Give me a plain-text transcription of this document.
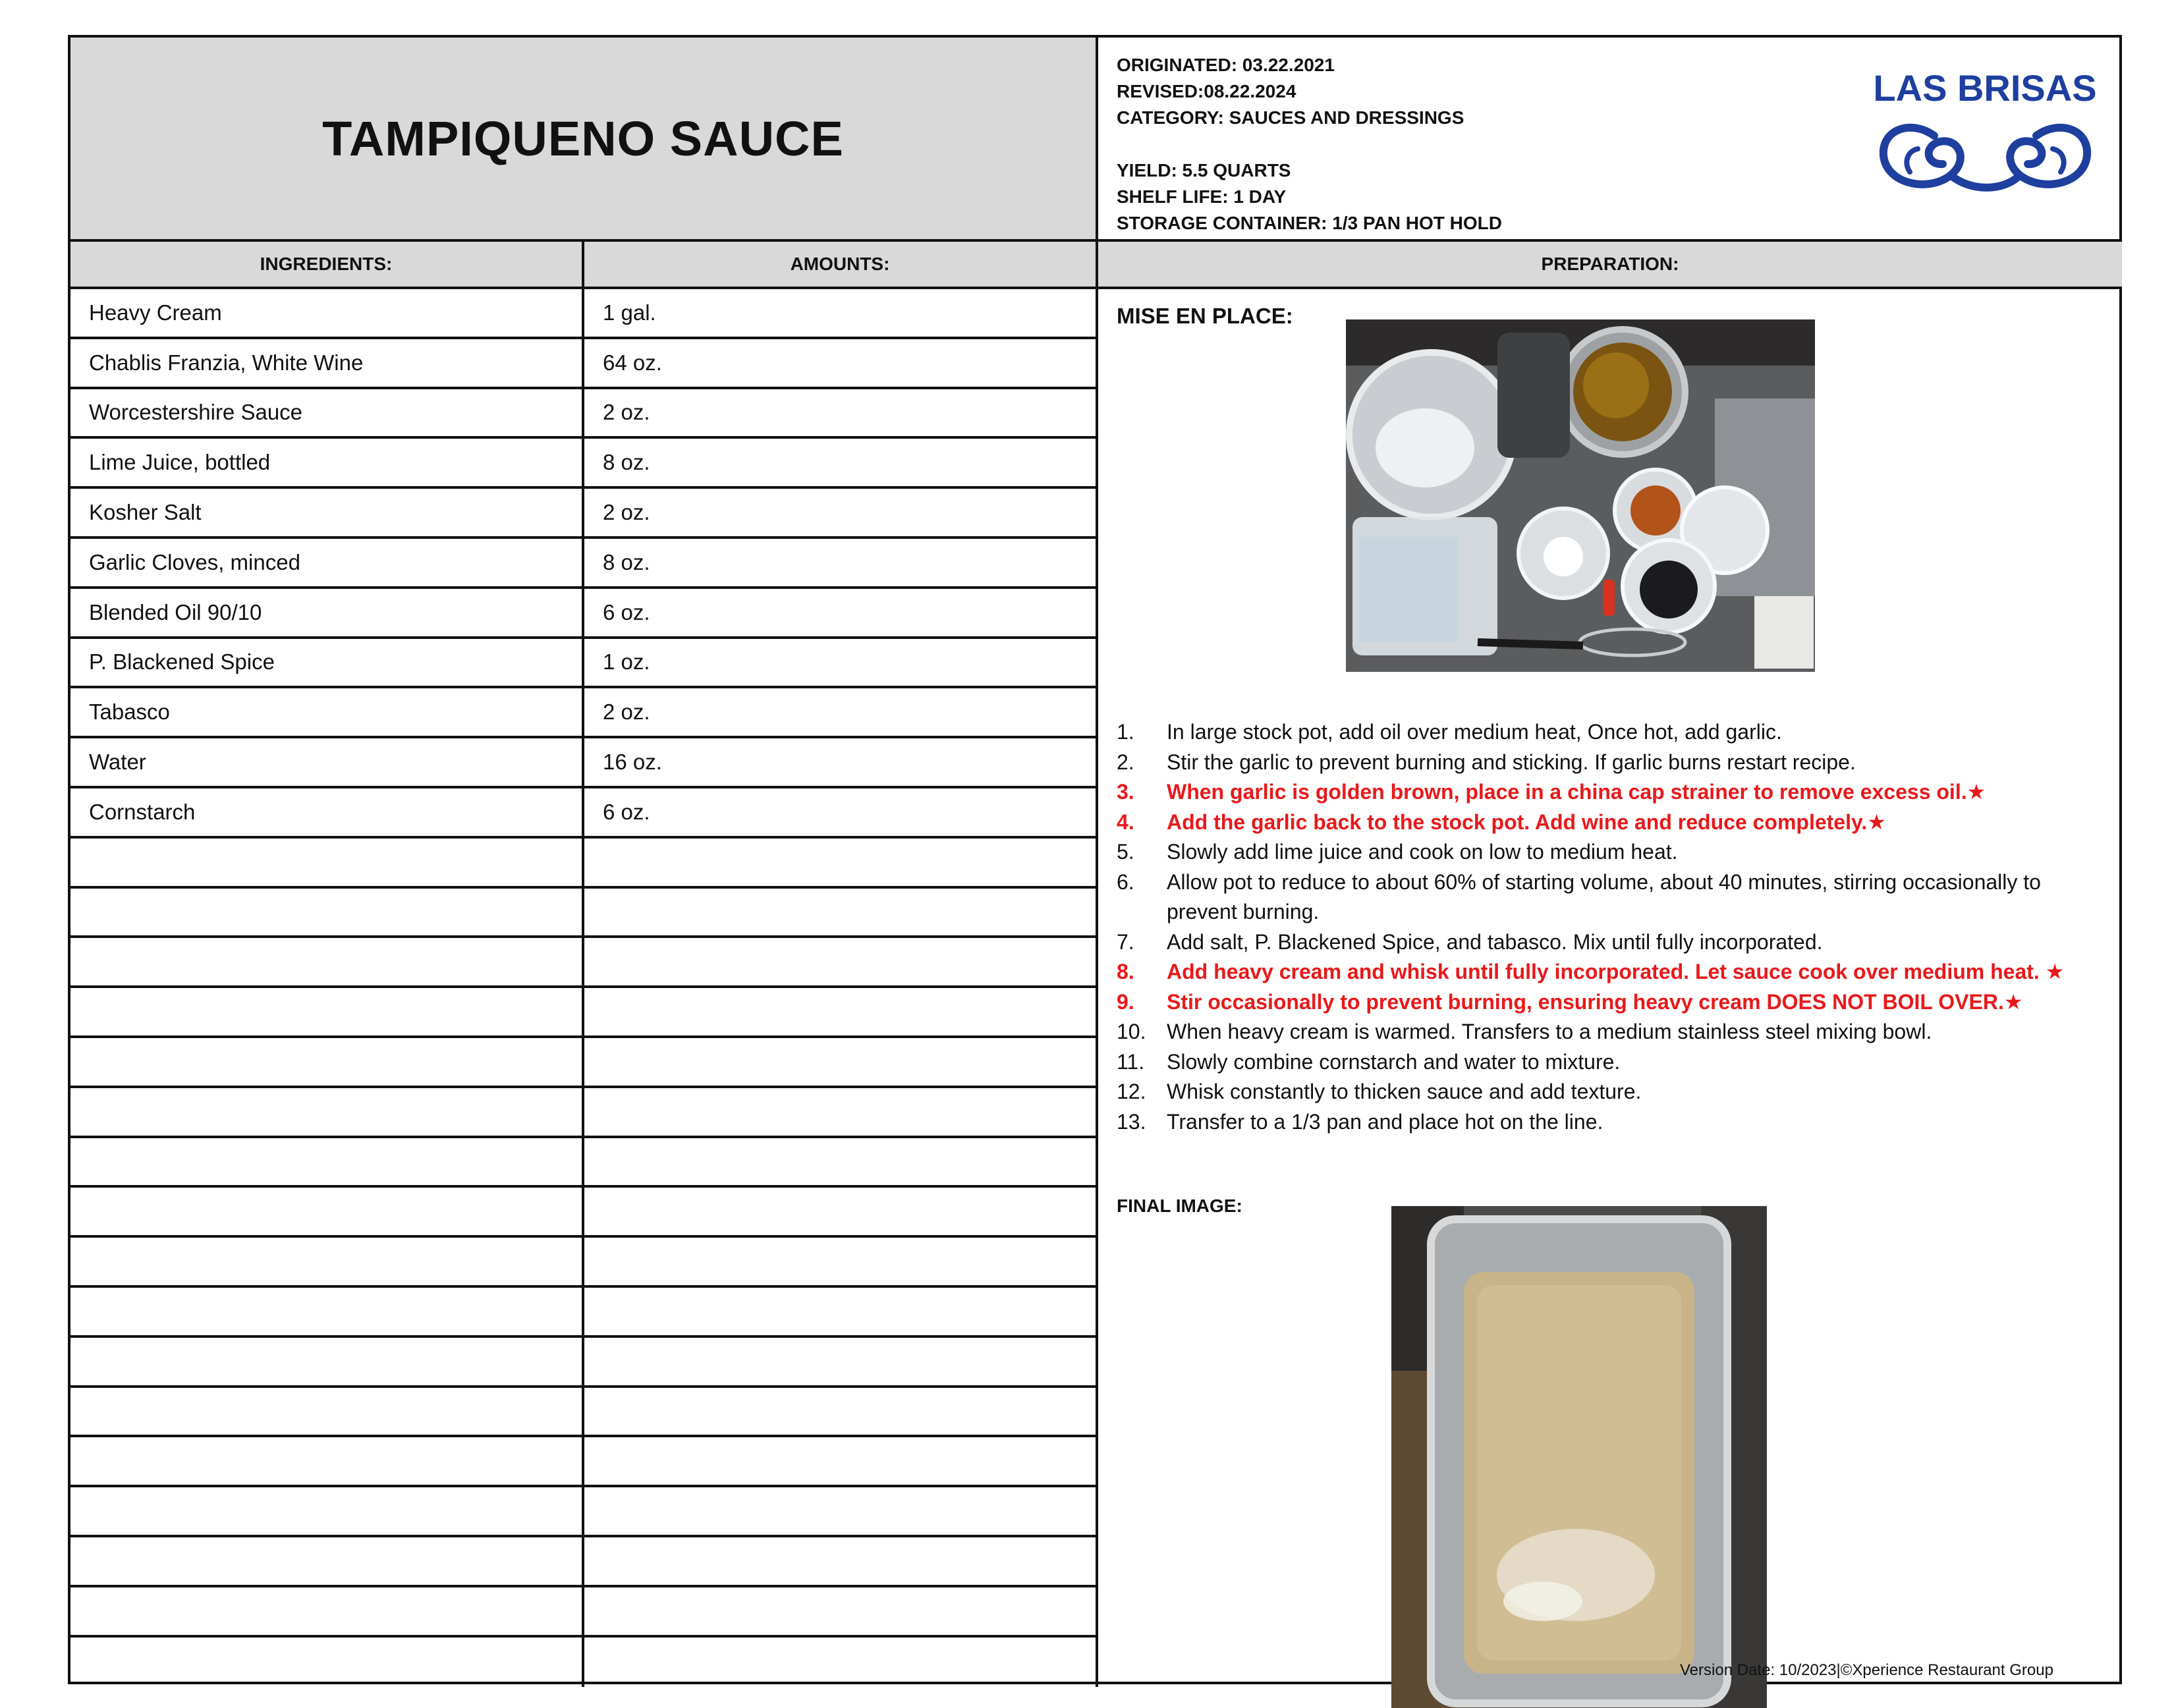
TAMPIQUENO SAUCE
ORIGINATED: 03.22.2021
REVISED:08.22.2024
CATEGORY: SAUCES AND DRESSINGS
YIELD: 5.5 QUARTS
SHELF LIFE: 1 DAY
STORAGE CONTAINER: 1/3 PAN HOT HOLD
LAS BRISAS
INGREDIENTS:	AMOUNTS:	PREPARATION:
Heavy Cream	1 gal.
Chablis Franzia, White Wine	64 oz.
Worcestershire Sauce	2 oz.
Lime Juice, bottled	8 oz.
Kosher Salt	2 oz.
Garlic Cloves, minced	8 oz.
Blended Oil 90/10	6 oz.
P. Blackened Spice	1 oz.
Tabasco	2 oz.
Water	16 oz.
Cornstarch	6 oz.
MISE EN PLACE:
1.	In large stock pot, add oil over medium heat, Once hot, add garlic.
2.	Stir the garlic to prevent burning and sticking. If garlic burns restart recipe.
3.	When garlic is golden brown, place in a china cap strainer to remove excess oil.★
4.	Add the garlic back to the stock pot. Add wine and reduce completely.★
5.	Slowly add lime juice and cook on low to medium heat.
6.	Allow pot to reduce to about 60% of starting volume, about 40 minutes, stirring occasionally to prevent burning.
7.	Add salt, P. Blackened Spice, and tabasco. Mix until fully incorporated.
8.	Add heavy cream and whisk until fully incorporated. Let sauce cook over medium heat. ★
9.	Stir occasionally to prevent burning, ensuring heavy cream DOES NOT BOIL OVER.★
10. When heavy cream is warmed. Transfers to a medium stainless steel mixing bowl.
11.	Slowly combine cornstarch and water to mixture.
12. Whisk constantly to thicken sauce and add texture.
13. Transfer to a 1/3 pan and place hot on the line.
FINAL IMAGE:
Version Date: 10/2023|©Xperience Restaurant Group
